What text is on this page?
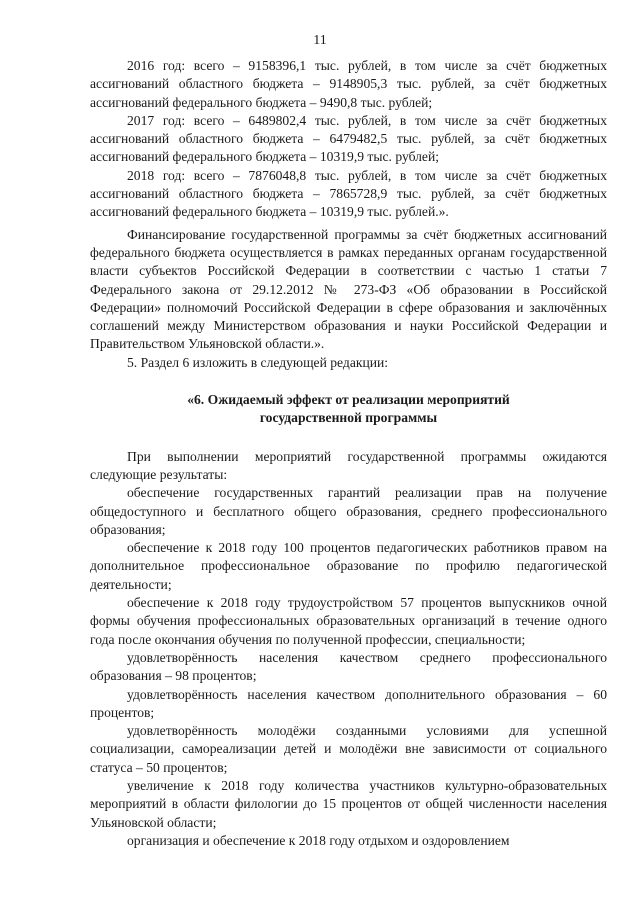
11

2016 год: всего – 9158396,1 тыс. рублей, в том числе за счёт бюджетных ассигнований областного бюджета – 9148905,3 тыс. рублей, за счёт бюджетных ассигнований федерального бюджета – 9490,8 тыс. рублей;

2017 год: всего – 6489802,4 тыс. рублей, в том числе за счёт бюджетных ассигнований областного бюджета – 6479482,5 тыс. рублей, за счёт бюджетных ассигнований федерального бюджета – 10319,9 тыс. рублей;

2018 год: всего – 7876048,8 тыс. рублей, в том числе за счёт бюджетных ассигнований областного бюджета – 7865728,9 тыс. рублей, за счёт бюджетных ассигнований федерального бюджета – 10319,9 тыс. рублей.».

Финансирование государственной программы за счёт бюджетных ассигнований федерального бюджета осуществляется в рамках переданных органам государственной власти субъектов Российской Федерации в соответствии с частью 1 статьи 7 Федерального закона от 29.12.2012 № 273-ФЗ «Об образовании в Российской Федерации» полномочий Российской Федерации в сфере образования и заключённых соглашений между Министерством образования и науки Российской Федерации и Правительством Ульяновской области.».

5. Раздел 6 изложить в следующей редакции:

«6. Ожидаемый эффект от реализации мероприятий
государственной программы

При выполнении мероприятий государственной программы ожидаются следующие результаты:

обеспечение государственных гарантий реализации прав на получение общедоступного и бесплатного общего образования, среднего профессионального образования;

обеспечение к 2018 году 100 процентов педагогических работников правом на дополнительное профессиональное образование по профилю педагогической деятельности;

обеспечение к 2018 году трудоустройством 57 процентов выпускников очной формы обучения профессиональных образовательных организаций в течение одного года после окончания обучения по полученной профессии, специальности;

удовлетворённость населения качеством среднего профессионального образования – 98 процентов;

удовлетворённость населения качеством дополнительного образования – 60 процентов;

удовлетворённость молодёжи созданными условиями для успешной социализации, самореализации детей и молодёжи вне зависимости от социального статуса – 50 процентов;

увеличение к 2018 году количества участников культурно-образовательных мероприятий в области филологии до 15 процентов от общей численности населения Ульяновской области;

организация и обеспечение к 2018 году отдыхом и оздоровлением
